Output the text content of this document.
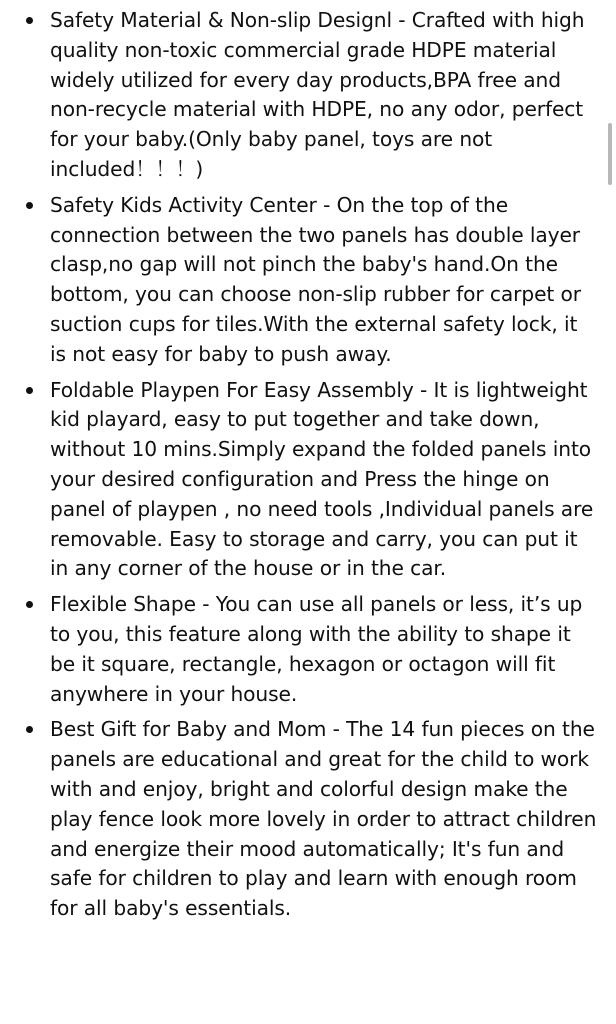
Safety Material & Non-slip Designl - Crafted with high quality non-toxic commercial grade HDPE material widely utilized for every day products,BPA free and non-recycle material with HDPE, no any odor, perfect for your baby.(Only baby panel, toys are not included！！！)
Safety Kids Activity Center - On the top of the connection between the two panels has double layer clasp,no gap will not pinch the baby's hand.On the bottom, you can choose non-slip rubber for carpet or suction cups for tiles.With the external safety lock, it is not easy for baby to push away.
Foldable Playpen For Easy Assembly - It is lightweight kid playard, easy to put together and take down, without 10 mins.Simply expand the folded panels into your desired configuration and Press the hinge on panel of playpen , no need tools ,Individual panels are removable. Easy to storage and carry, you can put it in any corner of the house or in the car.
Flexible Shape - You can use all panels or less, it’s up to you, this feature along with the ability to shape it be it square, rectangle, hexagon or octagon will fit anywhere in your house.
Best Gift for Baby and Mom - The 14 fun pieces on the panels are educational and great for the child to work with and enjoy, bright and colorful design make the play fence look more lovely in order to attract children and energize their mood automatically; It's fun and safe for children to play and learn with enough room for all baby's essentials.
